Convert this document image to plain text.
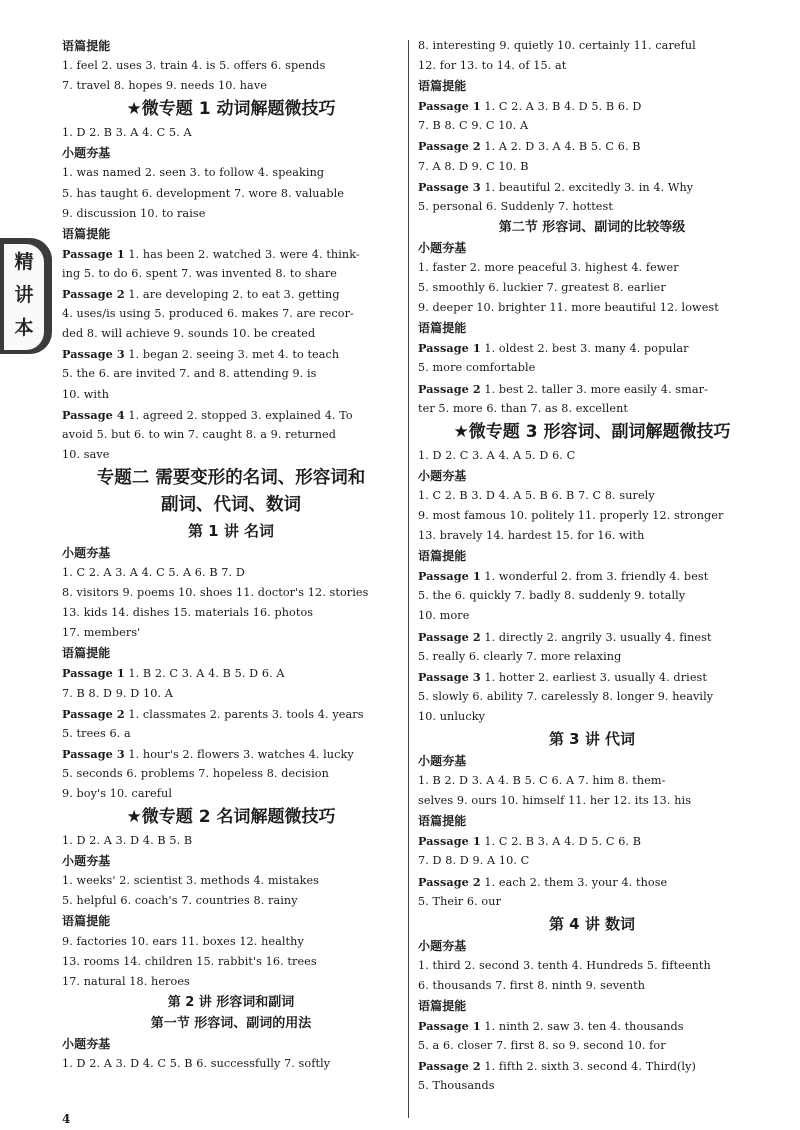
语篇提能
1. feel 2. uses 3. train 4. is 5. offers 6. spends
7. travel 8. hopes 9. needs 10. have
★微专题 1 动词解题微技巧
1. D 2. B 3. A 4. C 5. A
小题夯基
1. was named 2. seen 3. to follow 4. speaking
5. has taught 6. development 7. wore 8. valuable
9. discussion 10. to raise
语篇提能
Passage 1 1. has been 2. watched 3. were 4. think-
ing 5. to do 6. spent 7. was invented 8. to share
Passage 2 1. are developing 2. to eat 3. getting
4. uses/is using 5. produced 6. makes 7. are recor-
ded 8. will achieve 9. sounds 10. be created
Passage 3 1. began 2. seeing 3. met 4. to teach
5. the 6. are invited 7. and 8. attending 9. is
10. with
Passage 4 1. agreed 2. stopped 3. explained 4. To
avoid 5. but 6. to win 7. caught 8. a 9. returned
10. save
专题二 需要变形的名词、形容词和
副词、代词、数词
第 1 讲 名词
小题夯基
1. C 2. A 3. A 4. C 5. A 6. B 7. D
8. visitors 9. poems 10. shoes 11. doctor's 12. stories
13. kids 14. dishes 15. materials 16. photos
17. members'
语篇提能
Passage 1 1. B 2. C 3. A 4. B 5. D 6. A
7. B 8. D 9. D 10. A
Passage 2 1. classmates 2. parents 3. tools 4. years
5. trees 6. a
Passage 3 1. hour's 2. flowers 3. watches 4. lucky
5. seconds 6. problems 7. hopeless 8. decision
9. boy's 10. careful
★微专题 2 名词解题微技巧
1. D 2. A 3. D 4. B 5. B
小题夯基
1. weeks' 2. scientist 3. methods 4. mistakes
5. helpful 6. coach's 7. countries 8. rainy
语篇提能
9. factories 10. ears 11. boxes 12. healthy
13. rooms 14. children 15. rabbit's 16. trees
17. natural 18. heroes
第 2 讲 形容词和副词
第一节 形容词、副词的用法
小题夯基
1. D 2. A 3. D 4. C 5. B 6. successfully 7. softly
8. interesting 9. quietly 10. certainly 11. careful
12. for 13. to 14. of 15. at
语篇提能
Passage 1 1. C 2. A 3. B 4. D 5. B 6. D
7. B 8. C 9. C 10. A
Passage 2 1. A 2. D 3. A 4. B 5. C 6. B
7. A 8. D 9. C 10. B
Passage 3 1. beautiful 2. excitedly 3. in 4. Why
5. personal 6. Suddenly 7. hottest
第二节 形容词、副词的比较等级
小题夯基
1. faster 2. more peaceful 3. highest 4. fewer
5. smoothly 6. luckier 7. greatest 8. earlier
9. deeper 10. brighter 11. more beautiful 12. lowest
语篇提能
Passage 1 1. oldest 2. best 3. many 4. popular
5. more comfortable
Passage 2 1. best 2. taller 3. more easily 4. smar-
ter 5. more 6. than 7. as 8. excellent
★微专题 3 形容词、副词解题微技巧
1. D 2. C 3. A 4. A 5. D 6. C
小题夯基
1. C 2. B 3. D 4. A 5. B 6. B 7. C 8. surely
9. most famous 10. politely 11. properly 12. stronger
13. bravely 14. hardest 15. for 16. with
语篇提能
Passage 1 1. wonderful 2. from 3. friendly 4. best
5. the 6. quickly 7. badly 8. suddenly 9. totally
10. more
Passage 2 1. directly 2. angrily 3. usually 4. finest
5. really 6. clearly 7. more relaxing
Passage 3 1. hotter 2. earliest 3. usually 4. driest
5. slowly 6. ability 7. carelessly 8. longer 9. heavily
10. unlucky
第 3 讲 代词
小题夯基
1. B 2. D 3. A 4. B 5. C 6. A 7. him 8. them-
selves 9. ours 10. himself 11. her 12. its 13. his
语篇提能
Passage 1 1. C 2. B 3. A 4. D 5. C 6. B
7. D 8. D 9. A 10. C
Passage 2 1. each 2. them 3. your 4. those
5. Their 6. our
第 4 讲 数词
小题夯基
1. third 2. second 3. tenth 4. Hundreds 5. fifteenth
6. thousands 7. first 8. ninth 9. seventh
语篇提能
Passage 1 1. ninth 2. saw 3. ten 4. thousands
5. a 6. closer 7. first 8. so 9. second 10. for
Passage 2 1. fifth 2. sixth 3. second 4. Third(ly)
5. Thousands
精
讲
本
4
